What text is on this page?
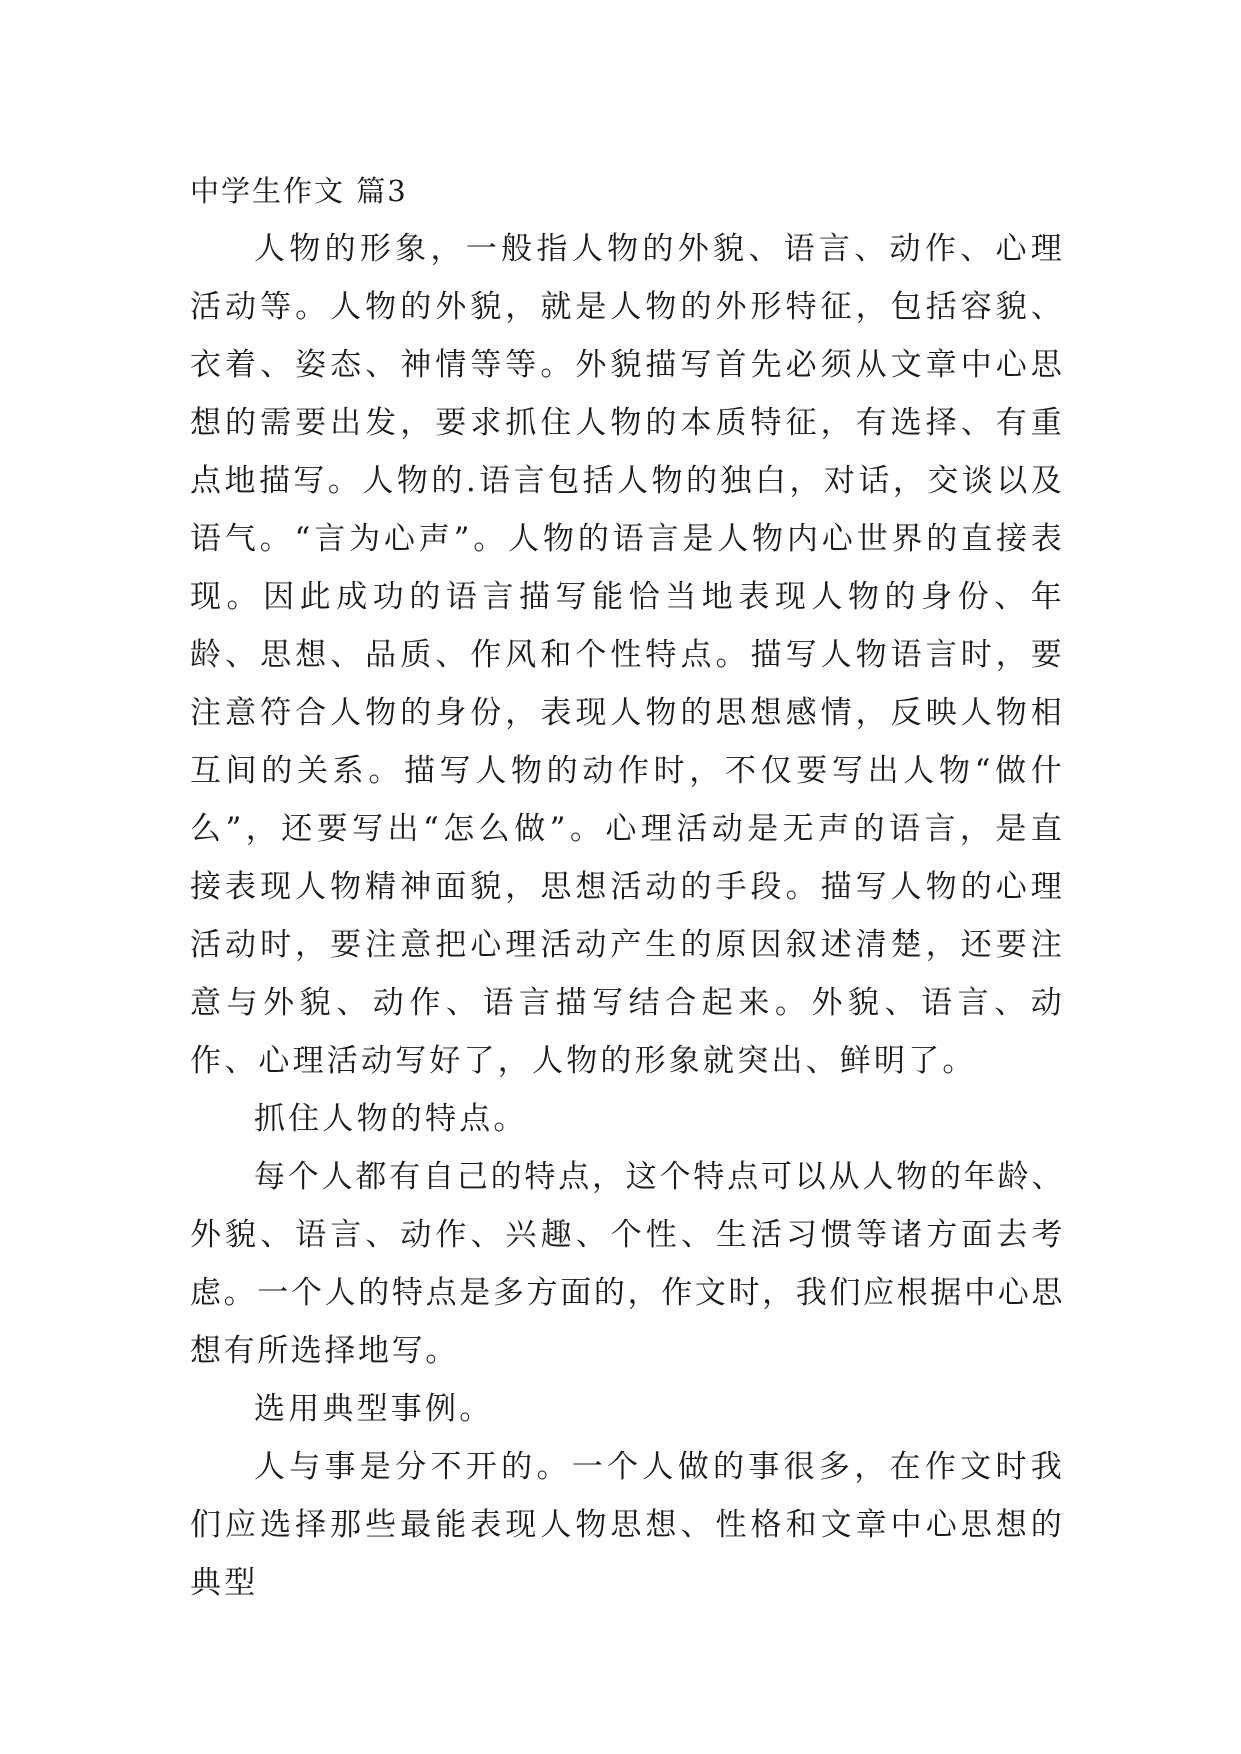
中学生作文 篇3

人物的形象，一般指人物的外貌、语言、动作、心理活动等。人物的外貌，就是人物的外形特征，包括容貌、衣着、姿态、神情等等。外貌描写首先必须从文章中心思想的需要出发，要求抓住人物的本质特征，有选择、有重点地描写。人物的.语言包括人物的独白，对话，交谈以及语气。“言为心声”。人物的语言是人物内心世界的直接表现。因此成功的语言描写能恰当地表现人物的身份、年龄、思想、品质、作风和个性特点。描写人物语言时，要注意符合人物的身份，表现人物的思想感情，反映人物相互间的关系。描写人物的动作时，不仅要写出人物“做什么”，还要写出“怎么做”。心理活动是无声的语言，是直接表现人物精神面貌，思想活动的手段。描写人物的心理活动时，要注意把心理活动产生的原因叙述清楚，还要注意与外貌、动作、语言描写结合起来。外貌、语言、动作、心理活动写好了，人物的形象就突出、鲜明了。

抓住人物的特点。

每个人都有自己的特点，这个特点可以从人物的年龄、外貌、语言、动作、兴趣、个性、生活习惯等诸方面去考虑。一个人的特点是多方面的，作文时，我们应根据中心思想有所选择地写。

选用典型事例。

人与事是分不开的。一个人做的事很多，在作文时我们应选择那些最能表现人物思想、性格和文章中心思想的典型
